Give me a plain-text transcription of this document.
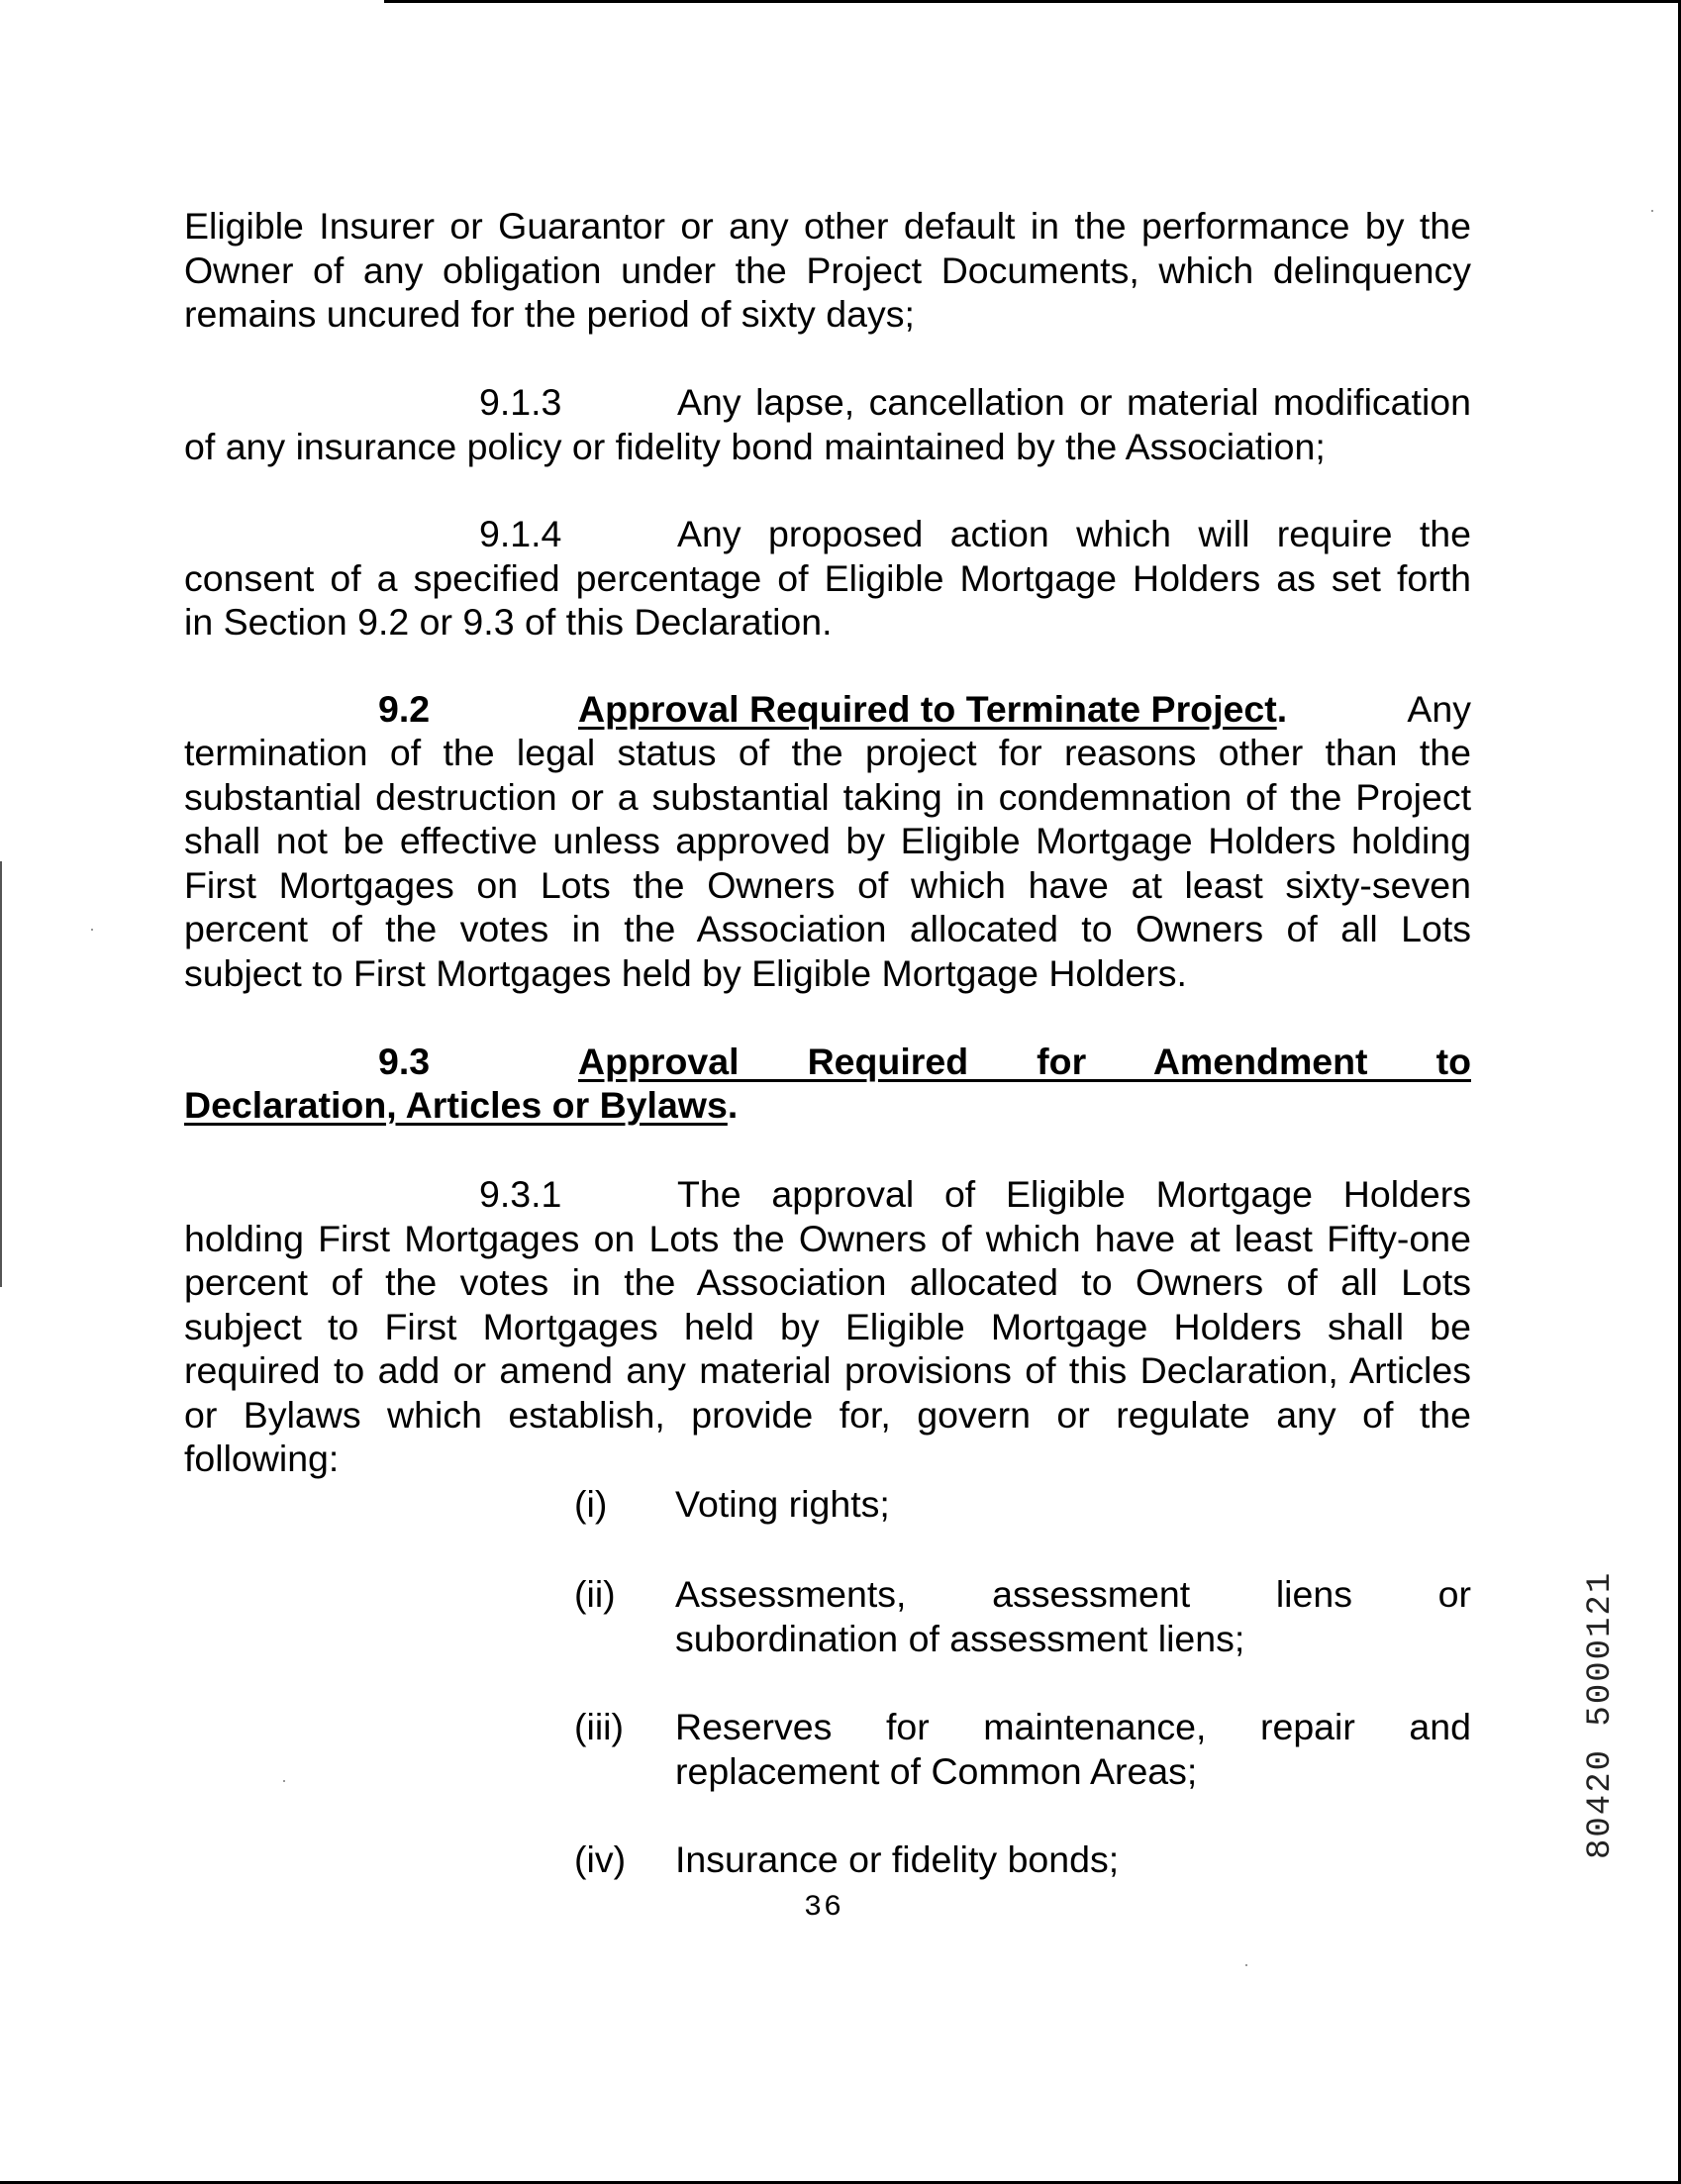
Eligible Insurer or Guarantor or any other default in the performance by the
Owner of any obligation under the Project Documents, which delinquency
remains uncured for the period of sixty days;
9.1.3	Any lapse, cancellation or material modification
of any insurance policy or fidelity bond maintained by the Association;
9.1.4	Any proposed action which will require the
consent of a specified percentage of Eligible Mortgage Holders as set forth
in Section 9.2 or 9.3 of this Declaration.
9.2	Approval Required to Terminate Project.	Any
termination of the legal status of the project for reasons other than the
substantial destruction or a substantial taking in condemnation of the Project
shall not be effective unless approved by Eligible Mortgage Holders holding
First Mortgages on Lots the Owners of which have at least sixty-seven
percent of the votes in the Association allocated to Owners of all Lots
subject to First Mortgages held by Eligible Mortgage Holders.
9.3	Approval Required for Amendment to
Declaration, Articles or Bylaws.
9.3.1	The approval of Eligible Mortgage Holders
holding First Mortgages on Lots the Owners of which have at least Fifty-one
percent of the votes in the Association allocated to Owners of all Lots
subject to First Mortgages held by Eligible Mortgage Holders shall be
required to add or amend any material provisions of this Declaration, Articles
or Bylaws which establish, provide for, govern or regulate any of the
following:
(i) Voting rights;
(ii) Assessments, assessment liens or
subordination of assessment liens;
(iii) Reserves for maintenance, repair and
replacement of Common Areas;
(iv) Insurance or fidelity bonds;
36
80420 5000121
